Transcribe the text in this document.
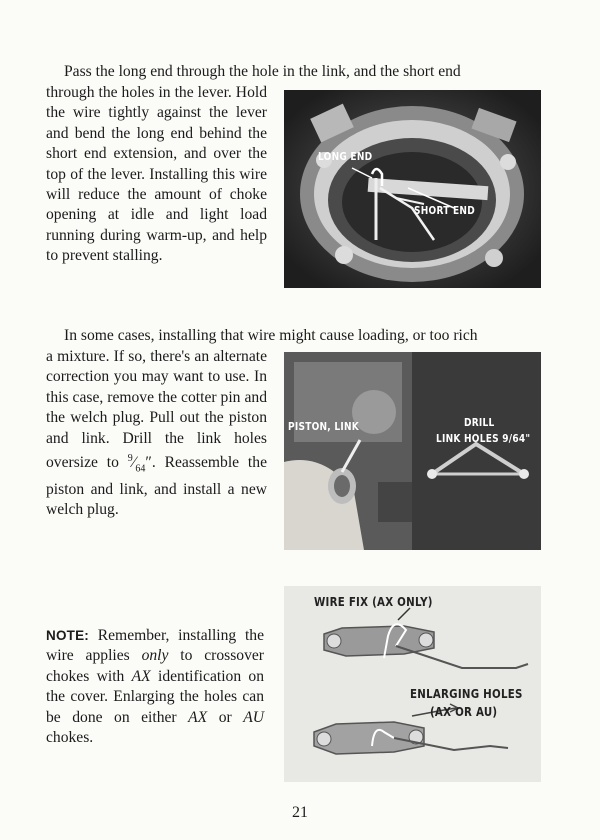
Pass the long end through the hole in the link, and the short end

through the holes in the lever. Hold the wire tightly against the lever and bend the long end behind the short end extension, and over the top of the lever. Installing this wire will reduce the amount of choke opening at idle and light load running during warm-up, and help to prevent stalling.

LONG END
SHORT END

In some cases, installing that wire might cause loading, or too rich

a mixture. If so, there's an alternate correction you may want to use. In this case, remove the cotter pin and the welch plug. Pull out the piston and link. Drill the link holes oversize to $^9⁄_{64}''$. Reassemble the piston and link, and install a new welch plug.

PISTON, LINK	DRILL
LINK HOLES 9/64"

NOTE: Remember, installing the wire applies only to crossover chokes with AX identification on the cover. Enlarging the holes can be done on either AX or AU chokes.

WIRE FIX (AX ONLY)
ENLARGING HOLES
(AX OR AU)
21
